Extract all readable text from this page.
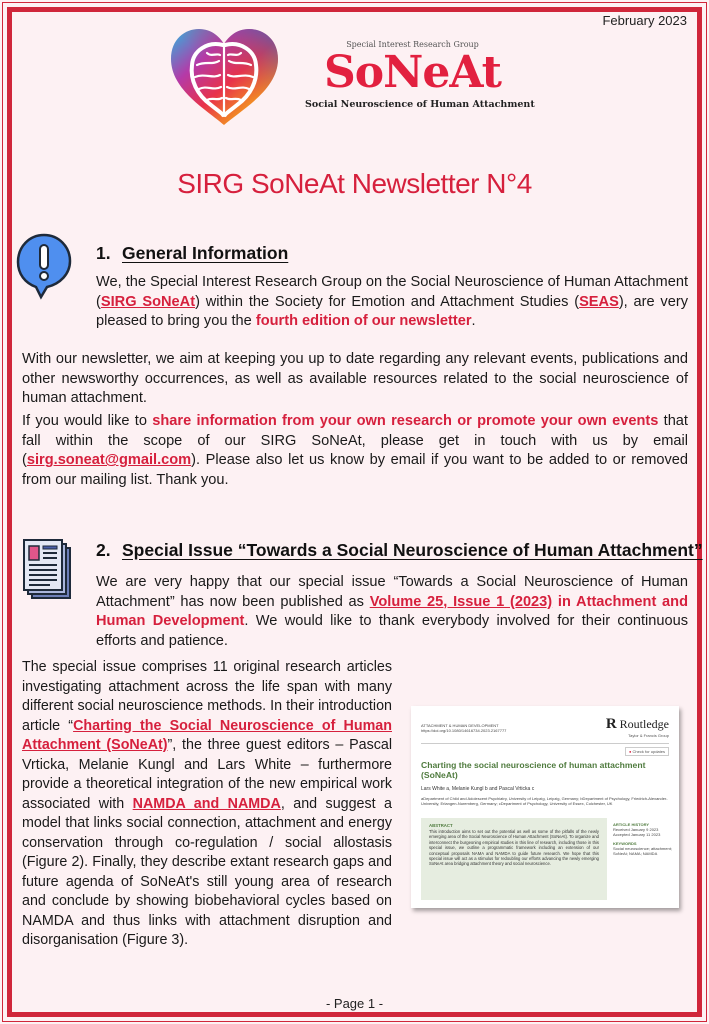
February 2023
Special Interest Research Group
SoNeAt
Social Neuroscience of Human Attachment
SIRG SoNeAt Newsletter N°4
1. General Information
We, the Special Interest Research Group on the Social Neuroscience of Human Attachment (SIRG SoNeAt) within the Society for Emotion and Attachment Studies (SEAS), are very pleased to bring you the fourth edition of our newsletter.
With our newsletter, we aim at keeping you up to date regarding any relevant events, publications and other newsworthy occurrences, as well as available resources related to the social neuroscience of human attachment.
If you would like to share information from your own research or promote your own events that fall within the scope of our SIRG SoNeAt, please get in touch with us by email (sirg.soneat@gmail.com). Please also let us know by email if you want to be added to or removed from our mailing list. Thank you.
2. Special Issue “Towards a Social Neuroscience of Human Attachment”
We are very happy that our special issue “Towards a Social Neuroscience of Human Attachment” has now been published as Volume 25, Issue 1 (2023) in Attachment and Human Development. We would like to thank everybody involved for their continuous efforts and patience.
The special issue comprises 11 original research articles investigating attachment across the life span with many different social neuroscience methods. In their introduction article “Charting the Social Neuroscience of Human Attachment (SoNeAt)”, the three guest editors – Pascal Vrticka, Melanie Kungl and Lars White – furthermore provide a theoretical integration of the new empirical work associated with NAMDA and NAMDA, and suggest a model that links social connection, attachment and energy conservation through co-regulation / social allostasis (Figure 2). Finally, they describe extant research gaps and future agenda of SoNeAt's still young area of research and conclude by showing biobehavioral cycles based on NAMDA and thus links with attachment disruption and disorganisation (Figure 3).
ATTACHMENT & HUMAN DEVELOPMENT
https://doi.org/10.1080/14616734.2023.2167777	R Routledge
Taylor & Francis Group
● Check for updates
Charting the social neuroscience of human attachment (SoNeAt)
Lars White a, Melanie Kungl b and Pascal Vrticka c
aDepartment of Child and Adolescent Psychiatry, University of Leipzig, Leipzig, Germany; bDepartment of Psychology, Friedrich-Alexander-University, Erlangen-Nuremberg, Germany; cDepartment of Psychology, University of Essex, Colchester, UK
ABSTRACT
This introduction aims to set out the potential as well as some of the pitfalls of the newly emerging area of the Social Neuroscience of Human Attachment (SoNeAt). To organize and interconnect the burgeoning empirical studies in this line of research, including those in this special issue, we outline a programmatic framework including an extension of our conceptual proposals NAMA and NAMDA to guide future research. We hope that this special issue will act as a stimulus for redoubling our efforts advancing the newly emerging SoNeAt area bridging attachment theory and social neuroscience.
ARTICLE HISTORY
Received January 9 2023
Accepted January 11 2023
KEYWORDS
Social neuroscience; attachment; SoNeAt; NAMA; NAMDA
- Page 1 -
